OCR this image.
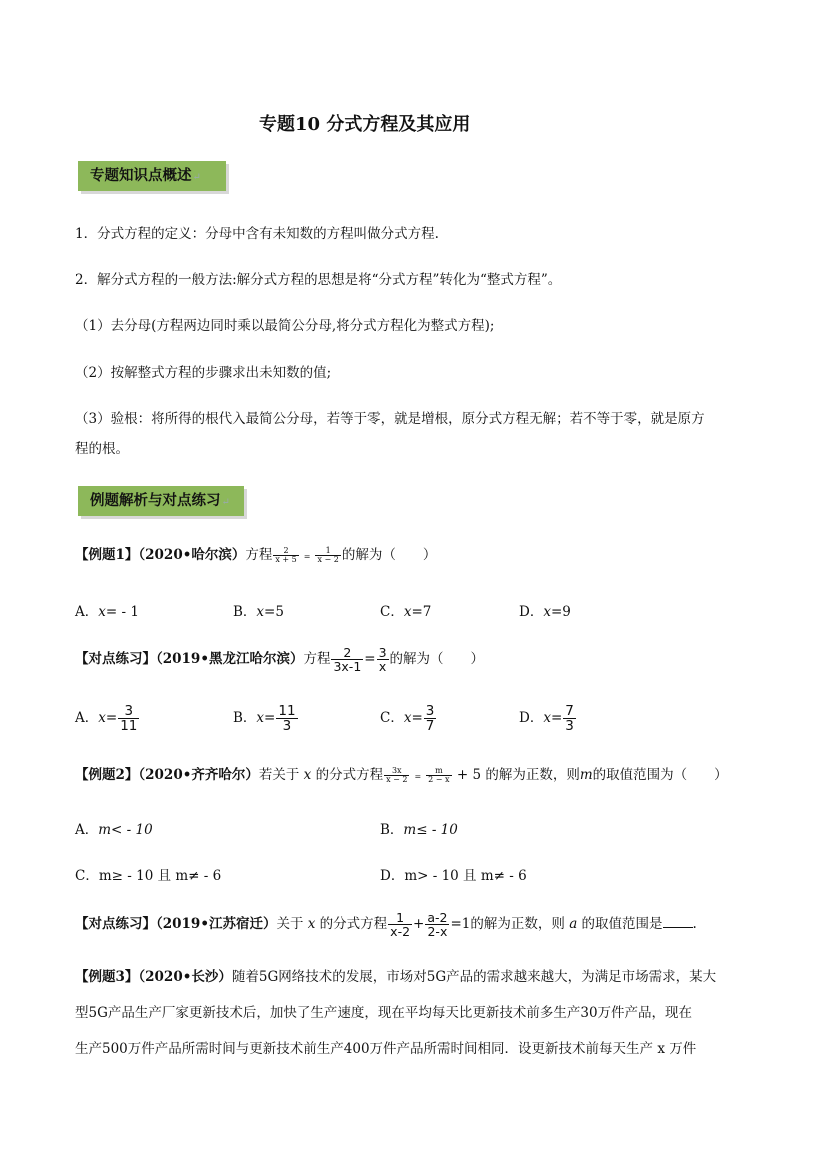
专题10 分式方程及其应用
专题知识点概述↵
1．分式方程的定义：分母中含有未知数的方程叫做分式方程.
2．解分式方程的一般方法:解分式方程的思想是将“分式方程”转化为“整式方程”。
（1）去分母(方程两边同时乘以最简公分母,将分式方程化为整式方程);
（2）按解整式方程的步骤求出未知数的值;
（3）验根：将所得的根代入最简公分母，若等于零，就是增根，原分式方程无解；若不等于零，就是原方
程的根。
例题解析与对点练习↵
【例题1】（2020•哈尔滨）方程 $\frac{2}{x + 5} = \frac{1}{x - 2}$ 的解为（　　）
A．x= - 1	B．x=5	C．x=7	D．x=9
【对点练习】（2019•黑龙江哈尔滨）方程 $\frac{2}{3x-1} = \frac{3}{x}$ 的解为（　　）
A．$x= \frac{3}{11}$	B．$x= \frac{11}{3}$	C．$x= \frac{3}{7}$	D．$x= \frac{7}{3}$
【例题2】（2020•齐齐哈尔）若关于 x 的分式方程 $\frac{3x}{x - 2} = \frac{m}{2 - x} + 5$ 的解为正数，则m的取值范围为（　　）
A．m< - 10	B．m≤ - 10
C．m≥ - 10 且 m≠ - 6	D．m> - 10 且 m≠ - 6
【对点练习】（2019•江苏宿迁）关于 x 的分式方程 $\frac{1}{x-2} + \frac{a-2}{2-x} =1$的解为正数，则 a 的取值范围是 .
【例题3】（2020•长沙）随着5G网络技术的发展，市场对5G产品的需求越来越大，为满足市场需求，某大
型5G产品生产厂家更新技术后，加快了生产速度，现在平均每天比更新技术前多生产30万件产品，现在
生产500万件产品所需时间与更新技术前生产400万件产品所需时间相同．设更新技术前每天生产 x 万件
